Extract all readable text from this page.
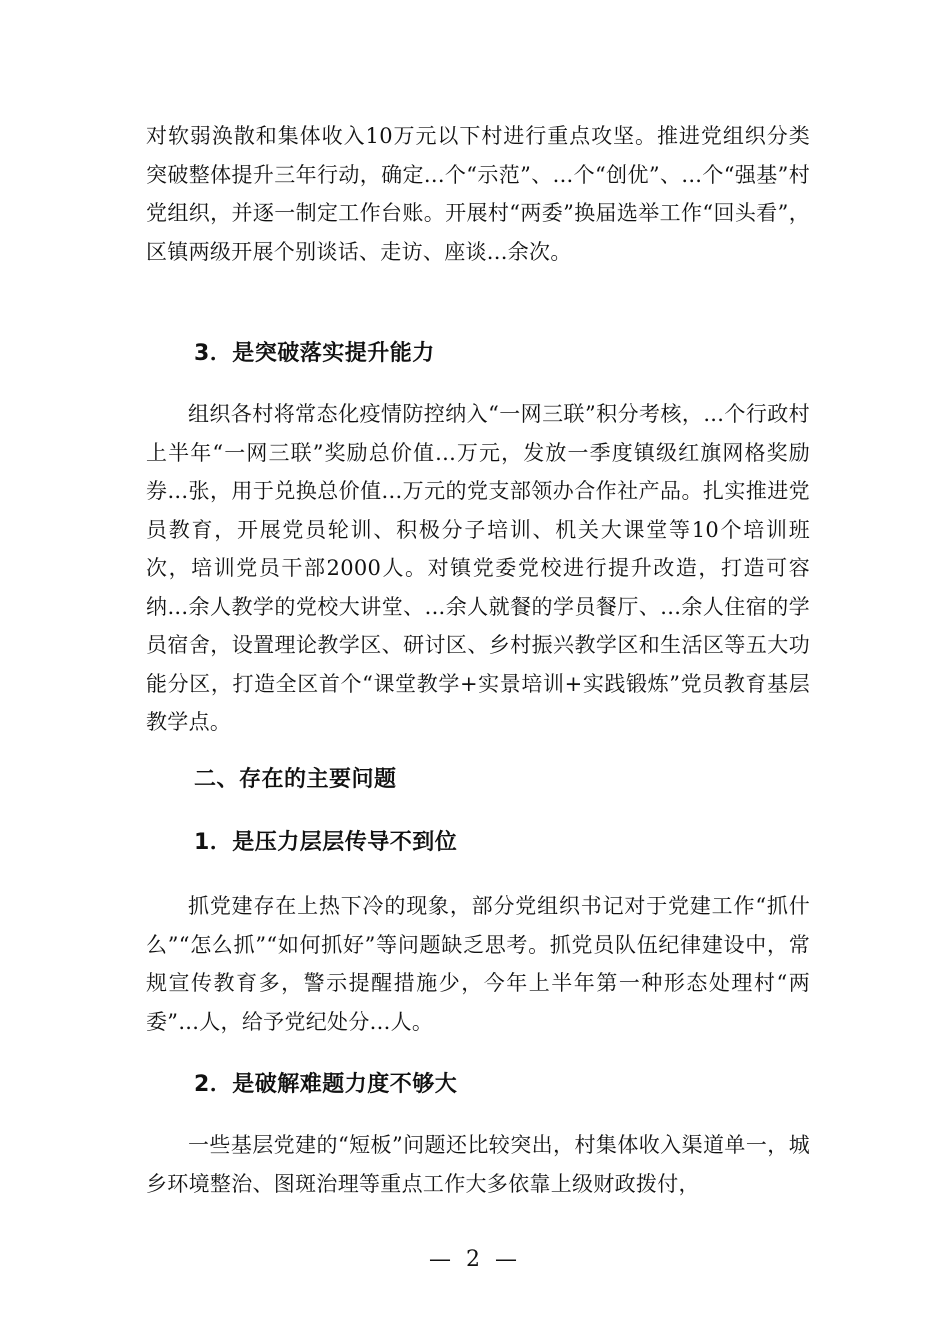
对软弱涣散和集体收入10万元以下村进行重点攻坚。推进党组织分类突破整体提升三年行动，确定...个“示范”、...个“创优”、...个“强基”村党组织，并逐一制定工作台账。开展村“两委”换届选举工作“回头看”，区镇两级开展个别谈话、走访、座谈...余次。

3．是突破落实提升能力

组织各村将常态化疫情防控纳入“一网三联”积分考核，...个行政村上半年“一网三联”奖励总价值...万元，发放一季度镇级红旗网格奖励券...张，用于兑换总价值...万元的党支部领办合作社产品。扎实推进党员教育，开展党员轮训、积极分子培训、机关大课堂等10个培训班次，培训党员干部2000人。对镇党委党校进行提升改造，打造可容纳...余人教学的党校大讲堂、...余人就餐的学员餐厅、...余人住宿的学员宿舍，设置理论教学区、研讨区、乡村振兴教学区和生活区等五大功能分区，打造全区首个“课堂教学+实景培训+实践锻炼”党员教育基层教学点。

二、存在的主要问题

1．是压力层层传导不到位

抓党建存在上热下冷的现象，部分党组织书记对于党建工作“抓什么”“怎么抓”“如何抓好”等问题缺乏思考。抓党员队伍纪律建设中，常规宣传教育多，警示提醒措施少，今年上半年第一种形态处理村“两委”...人，给予党纪处分...人。

2．是破解难题力度不够大

一些基层党建的“短板”问题还比较突出，村集体收入渠道单一，城乡环境整治、图斑治理等重点工作大多依靠上级财政拨付，

— 2 —
